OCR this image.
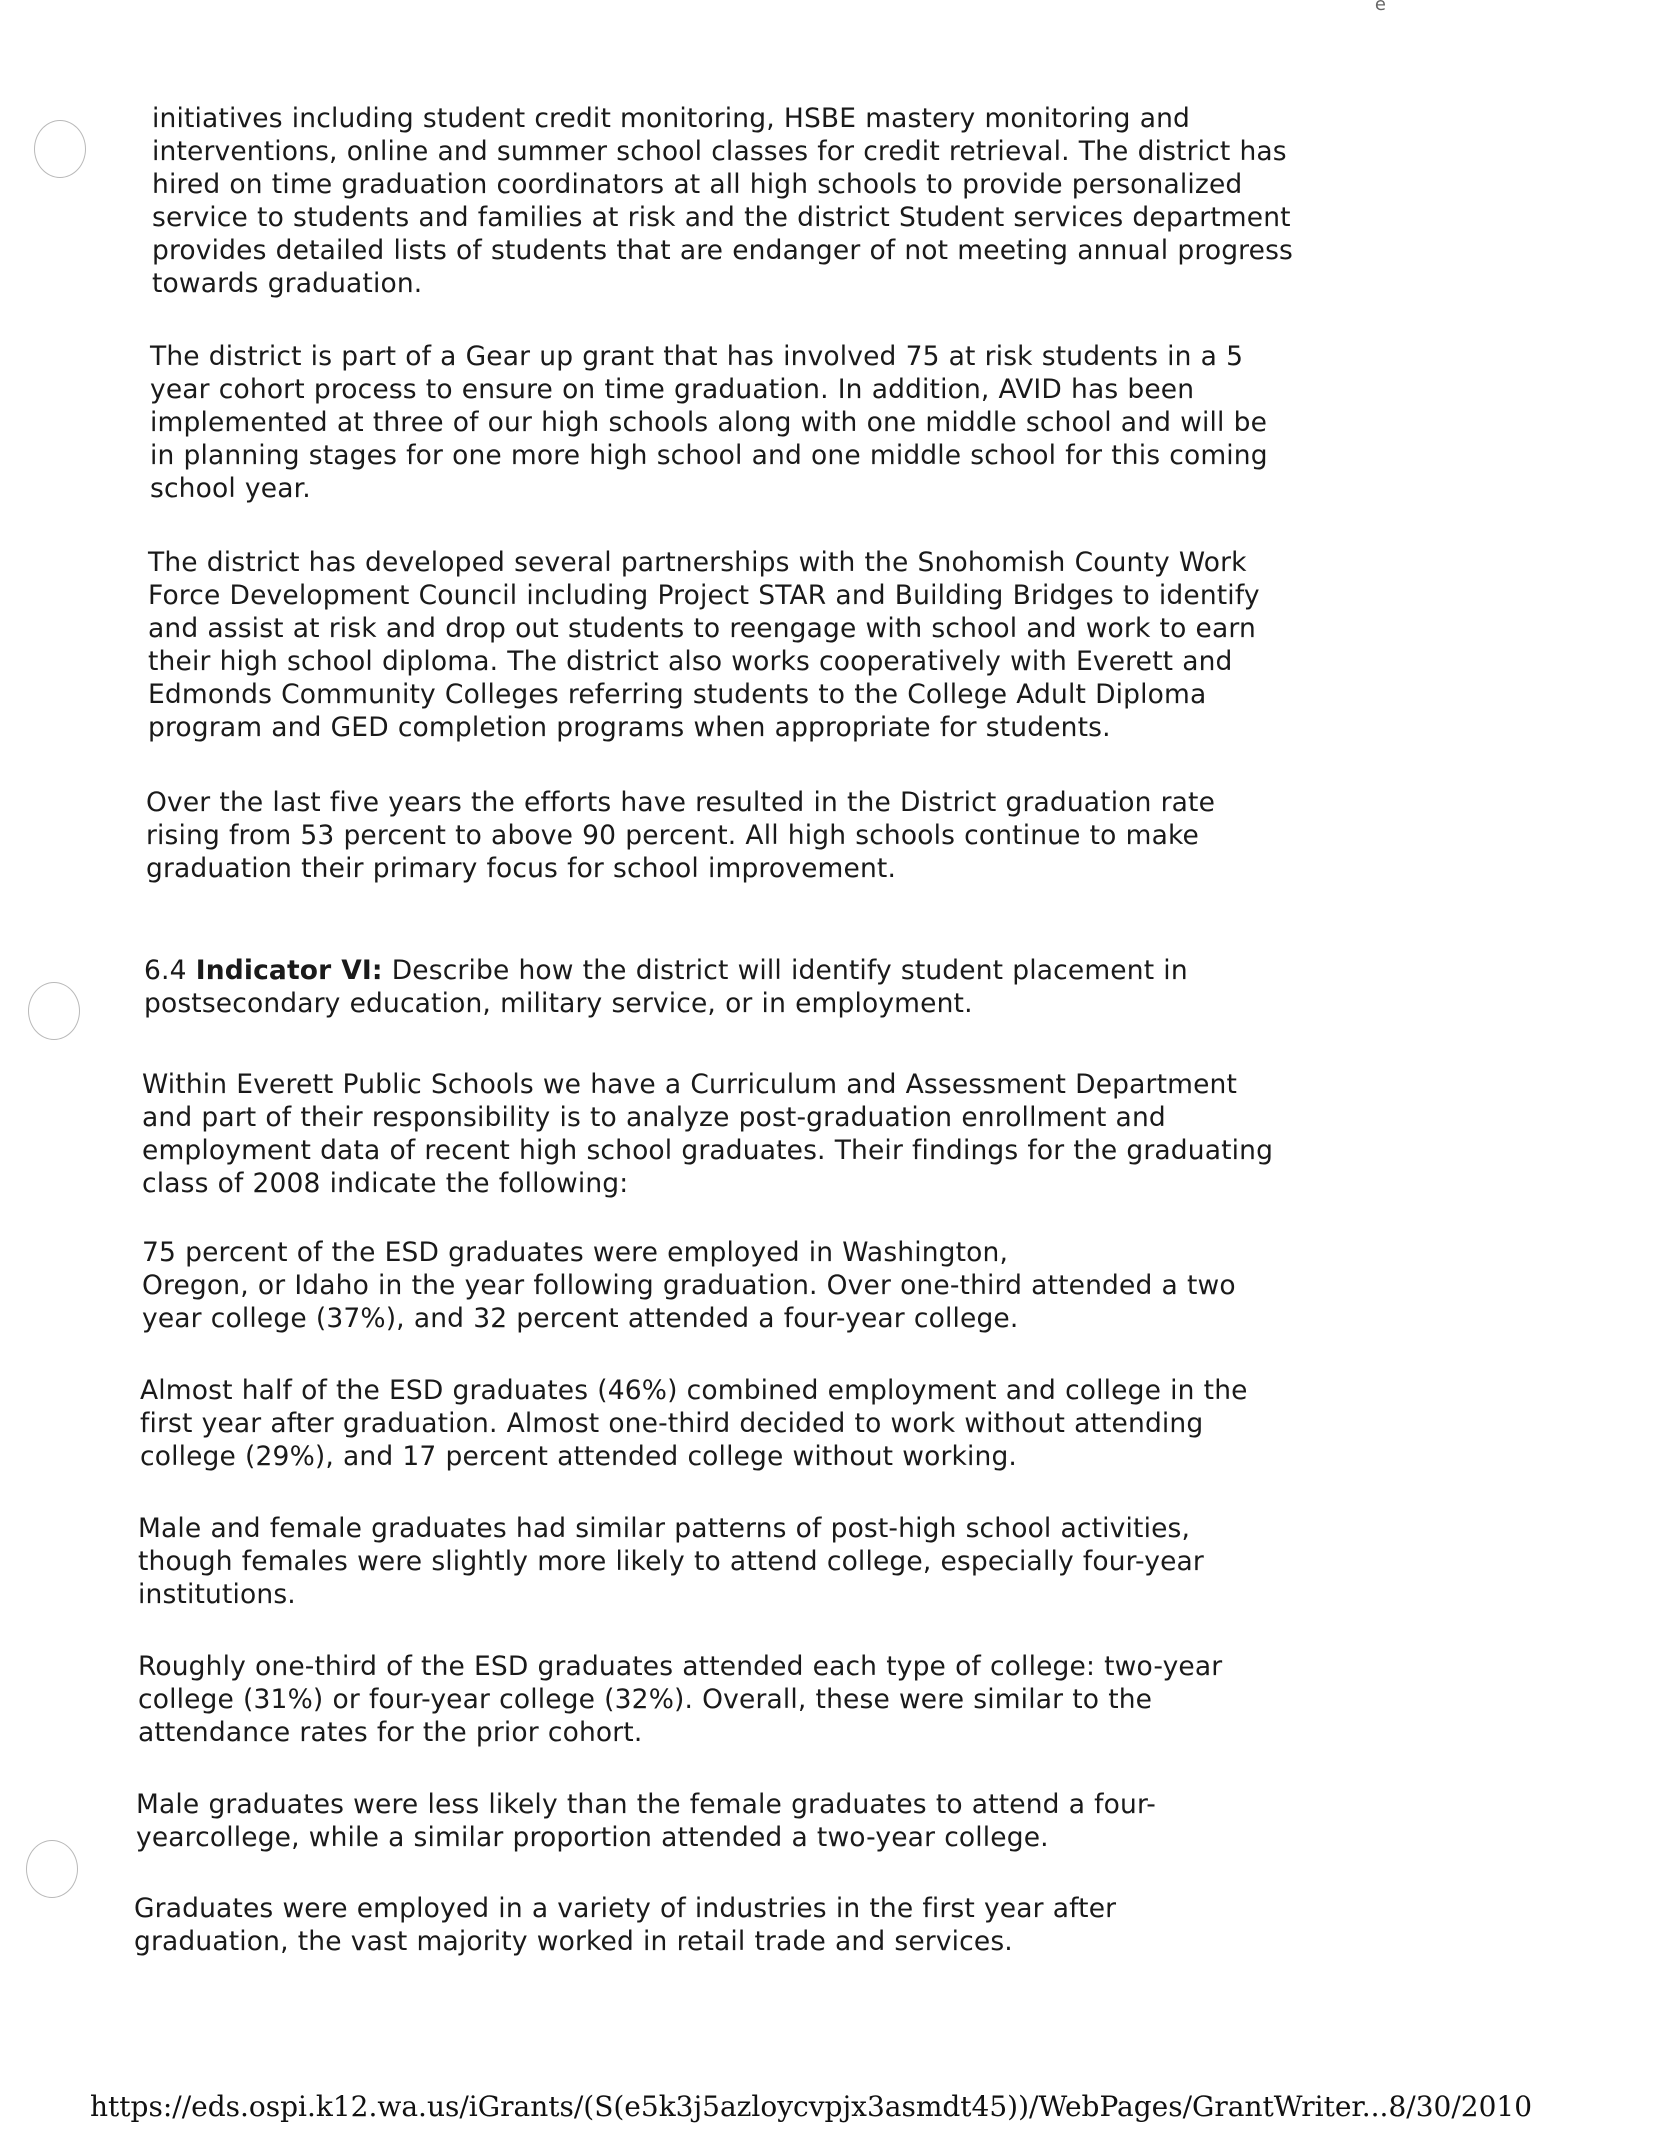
e

initiatives including student credit monitoring, HSBE mastery monitoring and

interventions, online and summer school classes for credit retrieval. The district has

hired on time graduation coordinators at all high schools to provide personalized

service to students and families at risk and the district Student services department

provides detailed lists of students that are endanger of not meeting annual progress

towards graduation.

The district is part of a Gear up grant that has involved 75 at risk students in a 5

year cohort process to ensure on time graduation. In addition, AVID has been

implemented at three of our high schools along with one middle school and will be

in planning stages for one more high school and one middle school for this coming

school year.

The district has developed several partnerships with the Snohomish County Work

Force Development Council including Project STAR and Building Bridges to identify

and assist at risk and drop out students to reengage with school and work to earn

their high school diploma. The district also works cooperatively with Everett and

Edmonds Community Colleges referring students to the College Adult Diploma

program and GED completion programs when appropriate for students.

Over the last five years the efforts have resulted in the District graduation rate

rising from 53 percent to above 90 percent. All high schools continue to make

graduation their primary focus for school improvement.

6.4 Indicator VI: Describe how the district will identify student placement in

postsecondary education, military service, or in employment.

Within Everett Public Schools we have a Curriculum and Assessment Department

and part of their responsibility is to analyze post-graduation enrollment and

employment data of recent high school graduates. Their findings for the graduating

class of 2008 indicate the following:

75 percent of the ESD graduates were employed in Washington,

Oregon, or Idaho in the year following graduation. Over one-third attended a two

year college (37%), and 32 percent attended a four-year college.

Almost half of the ESD graduates (46%) combined employment and college in the

first year after graduation. Almost one-third decided to work without attending

college (29%), and 17 percent attended college without working.

Male and female graduates had similar patterns of post-high school activities,

though females were slightly more likely to attend college, especially four-year

institutions.

Roughly one-third of the ESD graduates attended each type of college: two-year

college (31%) or four-year college (32%). Overall, these were similar to the

attendance rates for the prior cohort.

Male graduates were less likely than the female graduates to attend a four-

yearcollege, while a similar proportion attended a two-year college.

Graduates were employed in a variety of industries in the first year after

graduation, the vast majority worked in retail trade and services.

https://eds.ospi.k12.wa.us/iGrants/(S(e5k3j5azloycvpjx3asmdt45))/WebPages/GrantWriter... 8/30/2010
